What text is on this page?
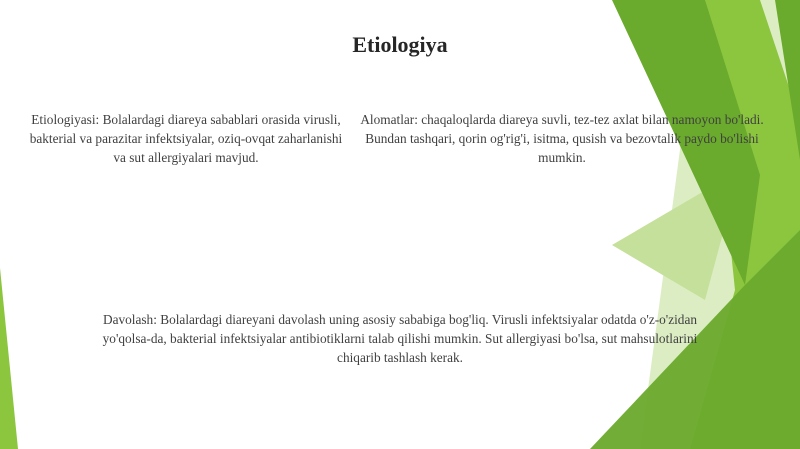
Etiologiya
Etiologiyasi: Bolalardagi diareya sabablari orasida virusli, bakterial va parazitar infektsiyalar, oziq-ovqat zaharlanishi va sut allergiyalari mavjud.
Alomatlar: chaqaloqlarda diareya suvli, tez-tez axlat bilan namoyon bo'ladi. Bundan tashqari, qorin og'rig'i, isitma, qusish va bezovtalik paydo bo'lishi mumkin.
Davolash: Bolalardagi diareyani davolash uning asosiy sababiga bog'liq. Virusli infektsiyalar odatda o'z-o'zidan yo'qolsa-da, bakterial infektsiyalar antibiotiklarni talab qilishi mumkin. Sut allergiyasi bo'lsa, sut mahsulotlarini chiqarib tashlash kerak.
